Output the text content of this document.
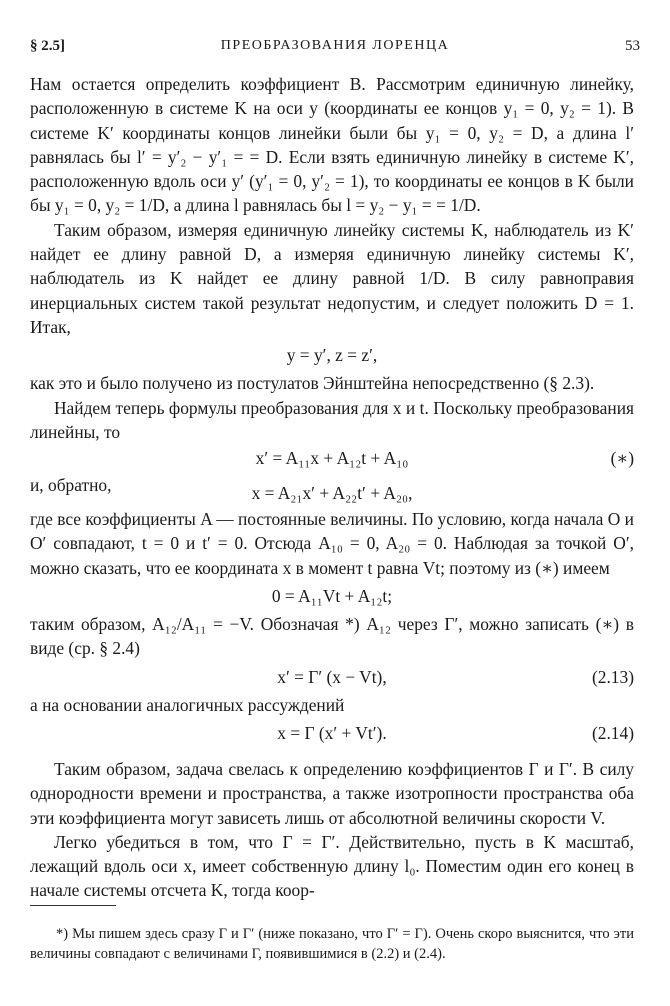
§ 2.5]	ПРЕОБРАЗОВАНИЯ ЛОРЕНЦА	53

Нам остается определить коэффициент B. Рассмотрим единичную линейку, расположенную в системе K на оси y (координаты ее концов y₁ = 0, y₂ = 1). В системе K′ координаты концов линейки были бы y₁ = 0, y₂ = D, а длина l′ равнялась бы l′ = y′₂ − y′₁ = = D. Если взять единичную линейку в системе K′, расположенную вдоль оси y′ (y′₁ = 0, y′₂ = 1), то координаты ее концов в K были бы y₁ = 0, y₂ = 1/D, а длина l равнялась бы l = y₂ − y₁ = = 1/D.

Таким образом, измеряя единичную линейку системы K, наблюдатель из K′ найдет ее длину равной D, а измеряя единичную линейку системы K′, наблюдатель из K найдет ее длину равной 1/D. В силу равноправия инерциальных систем такой результат недопустим, и следует положить D = 1. Итак,

y = y′, z = z′,

как это и было получено из постулатов Эйнштейна непосредственно (§ 2.3).

Найдем теперь формулы преобразования для x и t. Поскольку преобразования линейны, то

x′ = A₁₁x + A₁₂t + A₁₀	(∗)
и, обратно,	x = A₂₁x′ + A₂₂t′ + A₂₀,

где все коэффициенты A — постоянные величины. По условию, когда начала O и O′ совпадают, t = 0 и t′ = 0. Отсюда A₁₀ = 0, A₂₀ = 0. Наблюдая за точкой O′, можно сказать, что ее координата x в момент t равна Vt; поэтому из (∗) имеем

0 = A₁₁Vt + A₁₂t;

таким образом, A₁₂/A₁₁ = −V. Обозначая *) A₁₂ через Γ′, можно записать (∗) в виде (ср. § 2.4)

x′ = Γ′ (x − Vt),	(2.13)

а на основании аналогичных рассуждений

x = Γ (x′ + Vt′).	(2.14)

Таким образом, задача свелась к определению коэффициентов Γ и Γ′. В силу однородности времени и пространства, а также изотропности пространства оба эти коэффициента могут зависеть лишь от абсолютной величины скорости V.

Легко убедиться в том, что Γ = Γ′. Действительно, пусть в K масштаб, лежащий вдоль оси x, имеет собственную длину l₀. Поместим один его конец в начале системы отсчета K, тогда коор-

*) Мы пишем здесь сразу Γ и Γ′ (ниже показано, что Γ′ = Γ). Очень скоро выяснится, что эти величины совпадают с величинами Γ, появившимися в (2.2) и (2.4).
